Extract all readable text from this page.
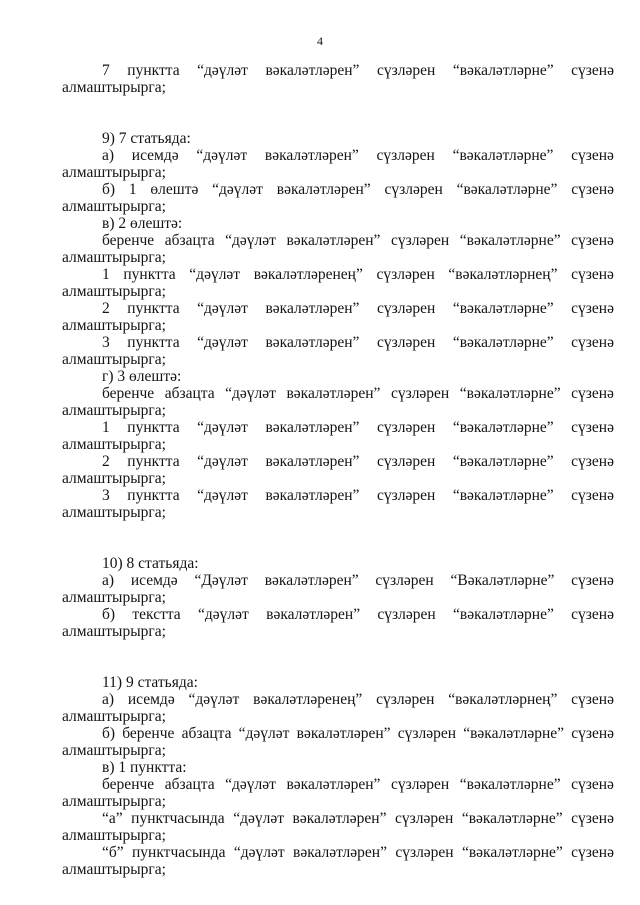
4
7 пунктта “дәүләт вәкаләтләрен” сүзләрен “вәкаләтләрне” сүзенә
алмаштырырга;
9) 7 статьяда:
а) исемдә “дәүләт вәкаләтләрен” сүзләрен “вәкаләтләрне” сүзенә
алмаштырырга;
б) 1 өлештә “дәүләт вәкаләтләрен” сүзләрен “вәкаләтләрне” сүзенә
алмаштырырга;
в) 2 өлештә:
беренче абзацта “дәүләт вәкаләтләрен” сүзләрен “вәкаләтләрне” сүзенә
алмаштырырга;
1 пунктта “дәүләт вәкаләтләренең” сүзләрен “вәкаләтләрнең” сүзенә
алмаштырырга;
2 пунктта “дәүләт вәкаләтләрен” сүзләрен “вәкаләтләрне” сүзенә
алмаштырырга;
3 пунктта “дәүләт вәкаләтләрен” сүзләрен “вәкаләтләрне” сүзенә
алмаштырырга;
г) 3 өлештә:
беренче абзацта “дәүләт вәкаләтләрен” сүзләрен “вәкаләтләрне” сүзенә
алмаштырырга;
1 пунктта “дәүләт вәкаләтләрен” сүзләрен “вәкаләтләрне” сүзенә
алмаштырырга;
2 пунктта “дәүләт вәкаләтләрен” сүзләрен “вәкаләтләрне” сүзенә
алмаштырырга;
3 пунктта “дәүләт вәкаләтләрен” сүзләрен “вәкаләтләрне” сүзенә
алмаштырырга;
10) 8 статьяда:
а) исемдә “Дәүләт вәкаләтләрен” сүзләрен “Вәкаләтләрне” сүзенә
алмаштырырга;
б) текстта “дәүләт вәкаләтләрен” сүзләрен “вәкаләтләрне” сүзенә
алмаштырырга;
11) 9 статьяда:
а) исемдә “дәүләт вәкаләтләренең” сүзләрен “вәкаләтләрнең” сүзенә
алмаштырырга;
б) беренче абзацта “дәүләт вәкаләтләрен” сүзләрен “вәкаләтләрне” сүзенә
алмаштырырга;
в) 1 пунктта:
беренче абзацта “дәүләт вәкаләтләрен” сүзләрен “вәкаләтләрне” сүзенә
алмаштырырга;
“а” пунктчасында “дәүләт вәкаләтләрен” сүзләрен “вәкаләтләрне” сүзенә
алмаштырырга;
“б” пунктчасында “дәүләт вәкаләтләрен” сүзләрен “вәкаләтләрне” сүзенә
алмаштырырга;
